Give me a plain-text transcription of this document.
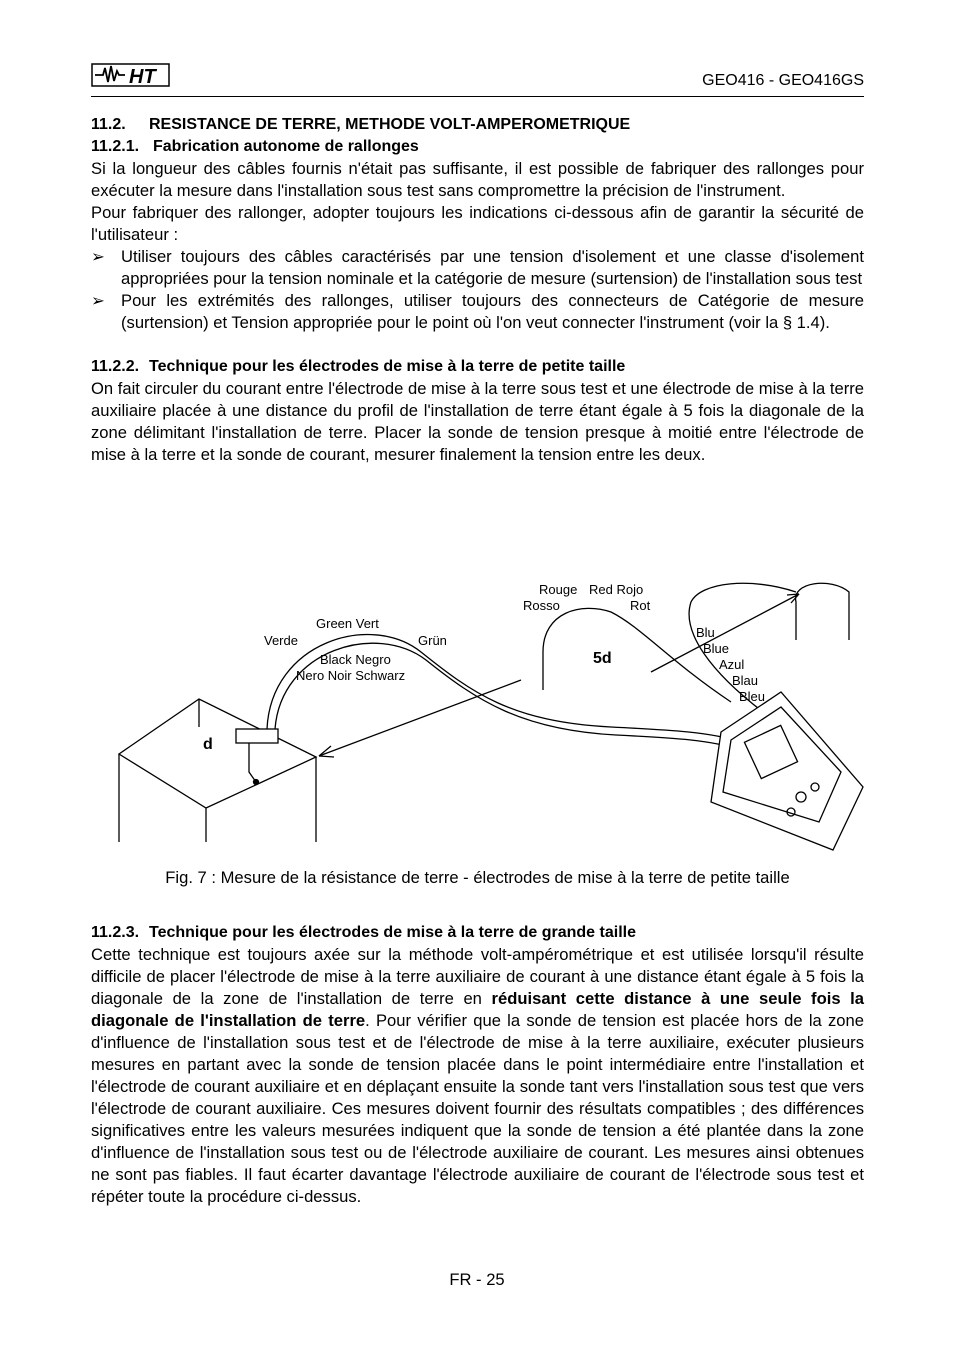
HT	GEO416 - GEO416GS
11.2. RESISTANCE DE TERRE, METHODE VOLT-AMPEROMETRIQUE
11.2.1. Fabrication autonome de rallonges

Si la longueur des câbles fournis n'était pas suffisante, il est possible de fabriquer des rallonges pour exécuter la mesure dans l'installation sous test sans compromettre la précision de l'instrument.

Pour fabriquer des rallonger, adopter toujours les indications ci-dessous afin de garantir la sécurité de l'utilisateur :

➢ Utiliser toujours des câbles caractérisés par une tension d'isolement et une classe d'isolement appropriées pour la tension nominale et la catégorie de mesure (surtension) de l'installation sous test
➢ Pour les extrémités des rallonges, utiliser toujours des connecteurs de Catégorie de mesure (surtension) et Tension appropriée pour le point où l'on veut connecter l'instrument (voir la § 1.4).
11.2.2. Technique pour les électrodes de mise à la terre de petite taille

On fait circuler du courant entre l'électrode de mise à la terre sous test et une électrode de mise à la terre auxiliaire placée à une distance du profil de l'installation de terre étant égale à 5 fois la diagonale de la zone délimitant l'installation de terre. Placer la sonde de tension presque à moitié entre l'électrode de mise à la terre et la sonde de courant, mesurer finalement la tension entre les deux.

d
5d
Green Vert
Verde	Grün
Black Negro
Nero Noir Schwarz
Rouge Red Rojo
Rosso	Rot
Blu
Blue
Azul
Blau
Bleu
Fig. 7 : Mesure de la résistance de terre - électrodes de mise à la terre de petite taille
11.2.3. Technique pour les électrodes de mise à la terre de grande taille

Cette technique est toujours axée sur la méthode volt-ampérométrique et est utilisée lorsqu'il résulte difficile de placer l'électrode de mise à la terre auxiliaire de courant à une distance étant égale à 5 fois la diagonale de la zone de l'installation de terre en réduisant cette distance à une seule fois la diagonale de l'installation de terre. Pour vérifier que la sonde de tension est placée hors de la zone d'influence de l'installation sous test et de l'électrode de mise à la terre auxiliaire, exécuter plusieurs mesures en partant avec la sonde de tension placée dans le point intermédiaire entre l'installation et l'électrode de courant auxiliaire et en déplaçant ensuite la sonde tant vers l'installation sous test que vers l'électrode de courant auxiliaire. Ces mesures doivent fournir des résultats compatibles ; des différences significatives entre les valeurs mesurées indiquent que la sonde de tension a été plantée dans la zone d'influence de l'installation sous test ou de l'électrode auxiliaire de courant. Les mesures ainsi obtenues ne sont pas fiables. Il faut écarter davantage l'électrode auxiliaire de courant de l'électrode sous test et répéter toute la procédure ci-dessus.

FR - 25
